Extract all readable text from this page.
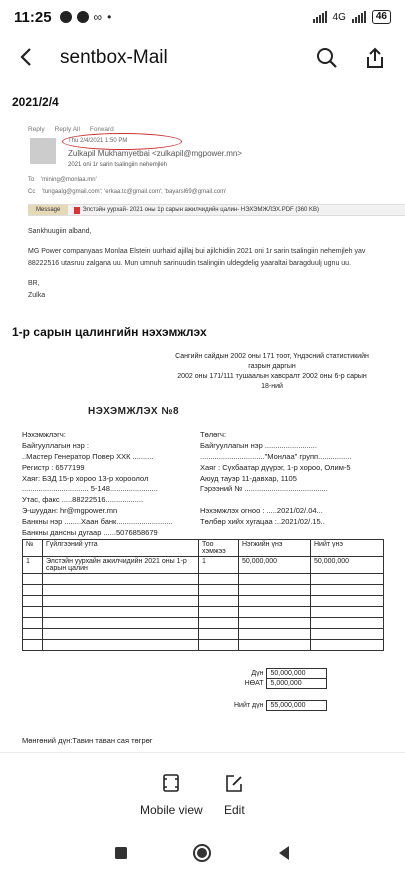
11:25	∞ •	4G	46
sentbox-Mail
2021/2/4
Reply Reply All Forward
Thu 2/4/2021 1:50 PM
Zulkapil Mukhamyetbai <zulkapil@mgpower.mn>
2021 oni 1r sarin tsalingiin nehemjleh
To    'mining@monlaa.mn'
Cc    'tungaalg@gmail.com'; 'erkaa.tc@gmail.com'; 'bayarsl69@gmail.com'
Message	Элстэйн уурхай- 2021 оны 1р сарын ажилчидийн цалин- НЭХЭМЖЛЭХ.PDF (360 KB)

Sankhuugiin alband,

MG Power companyaas Monlaa Elstein uurhaid ajillaj bui ajilchidiin 2021 oni 1r sarin tsalingiin nehemjleh yav

88222516 utasruu zalgana uu. Mun umnuh sarinuudin tsalingiin uldegdelig yaaraltai baragduulj ugnu uu.

BR,

Zulka

1-р сарын цалингийн нэхэмжлэх
Сангийн сайдын 2002 оны 171 тоот, Үндэсний статистикийн газрын даргын
2002 оны 171/111 тушаалын хавсралт 2002 оны 6-р сарын 18-ний
НЭХЭМЖЛЭХ №8
Нэхэмжлэгч:
Байгууллагын нэр :
..Мастер Генератор Повер ХХК ..........
Регистр : 6577199
Хаяг: БЗД 15-р хороо 13-р хороолол
................................ 5-148.......................
Утас, факс .....88222516..................
Э-шуудан: hr@mgpower.mn
Банкны нэр ........Хаан банк...........................
Банкны дансны дугаар ......5076858679
Төлөгч:
Байгууллагын нэр .........................
..............................."Монлаа" групп................
Хаяг : Сүхбаатар дүүрэг, 1-р хороо, Олим-5
Аюуд тауэр 11-давхар, 1105
Гэрээний № ........................................
Нэхэмжлэх огноо : .....2021/02/.04...
Төлбөр хийх хугацаа :..2021/02/.15..
№	Гүйлгээний утга	Тоо хэмжээ	Нэгжийн үнэ	Нийт үнэ
1	Элстэйн уурхайн ажилчидийн 2021 оны 1-р сарын цалин	1	50,000,000	50,000,000

Дүн	50,000,000
НӨАТ	5,000,000

Нийт дүн	55,000,000
Мөнгөний дүн:Тавин таван сая төгрөг
Mobile view Edit
